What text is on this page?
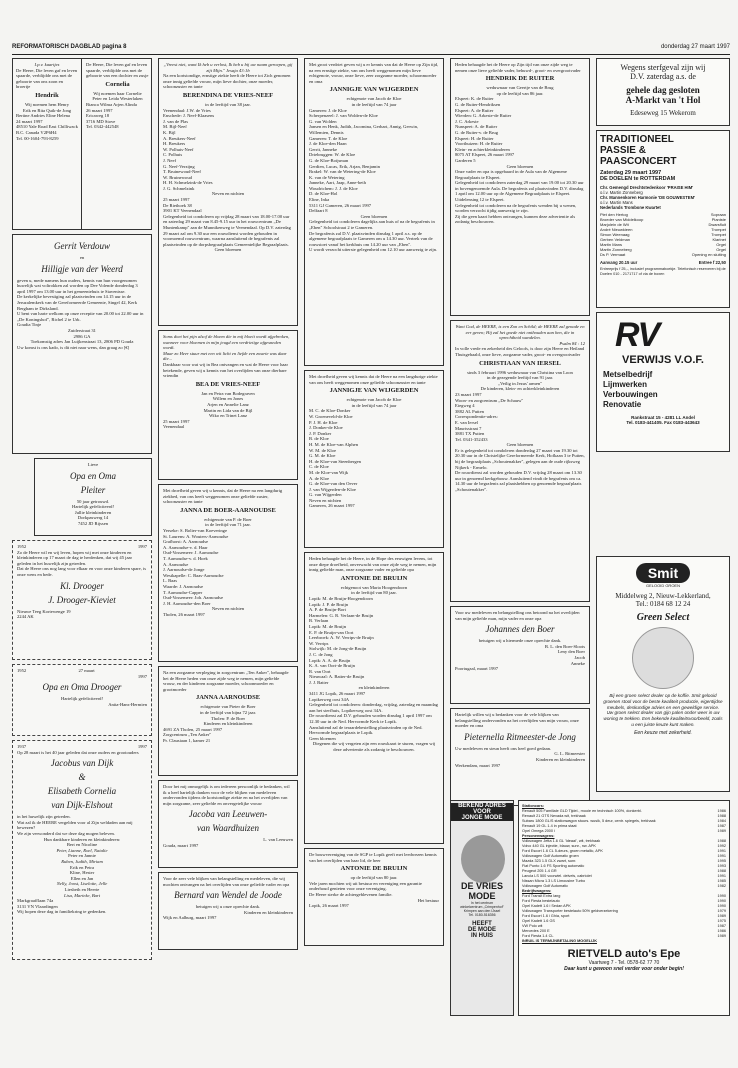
REFORMATORISCH DAGBLAD pagina 8	donderdag 27 maart 1997
I.p.v. kaartjes
De Heere, Die leven gaf en leven spaarde, verblijdde ons met de geboorte van ons zoon en broertje
Hendrik
Wij noemen hem Henry
Erik en Rita Quik-de Jong
Bertine Andries Eline Helena
24 maart 1997
48510 Yale Road East Chilliwack B.C. Canada V2P6H4
Tel. 00-1604-793-8259
De Heere, Die leven gaf en leven spaarde, verblijdde ons met de geboorte van een dochter en zusje
Cornelia
Wij noemen haar Cornelie
Peter en Leida Westerlaken
Bianca Wilma Arjen Alinda
26 maart 1997
Ericaweg 18
3716 MD Stove
Tel. 0342-442548
Gerrit Verdouw
en
Hilligje van der Weerd
geven u, mede namens hun ouders, kennis van hun voorgenomen huwelijk wat voltrokken zal worden op Dee Volende donderdag 3 april 1997 om 13.00 uur in het gemeentehuis te Stavenisse.
De kerkelijke bevestiging zal plaatsvinden om 14.15 uur in de Jeruzalemkerk van de Gereformeerde Gemeente, Singel 42, Kerk Bergham te Dirksland.
U bent van harte welkom op onze receptie van 20.00 tot 22.00 uur in „De Koningshof", Richel 2 te Urk.
Goudia Tinje
Zuiderstraat 31
2986 GA
Toekomstig adres Jan Luijkenstraat 13, 2806 PD Gouda
Uw komst is ons kado, is dit niet naar wens, dan graag zo [€]
Lieve
Opa en Oma
Pleiter
50 jaar getrouwd.
Hartelijk gefeliciteerd!
Jullie kleinkinderen
Dorkpaswerg 14
7452 JD Rijssen
1952	1997
Zo de Heere wil en wij leven, hopen wij met onze kinderen en kleinkinderen op 17 maart de dag te herdenken, dat wij 45 jaar geleden in het huwelijk zijn getreden.
Dat de Heere ons nog lang voor elkaar en voor onze kinderen spare, is onze wens en bede.
Kl. Drooger
J. Drooger-Kieviet
Nieuwe Teeg Kortewenge 19
2244 AK
1952	27 maart
1997
Opa en Oma Drooger
Hartelijk gefeliciteerd!
Anita-Hans-Hermien
1937	1997
Op 28 maart is het 40 jaar geleden dat onze ouders en grootouders
Jacobus van Dijk
&
Elisabeth Cornelia
van Dijk-Elshout
in het huwelijk zijn getreden.
Wat zal ik de HEERE vergelden voor al Zijn weldaden aan mij bewezen?
We zijn verwonderd dat we deze dag mogen beleven.
Hun dankbare kinderen en kleinkinderen:
Bert en Nicoline
Peter, Lianne, Roel, Natalie
Peter en Jannie
Ruben, Judith, Miriam
Erik en Petra
Kline, Hester
Ellen en Jan
Nelly, Joost, Liselotte, Jelle
Liesbeth en Heerte
Lisa, Marieke, Bart
Markgraafflaan 74a
3131 VN Vlaardingen
Wij hopen deze dag in familiekring te gedenken.
„Vreest niet, want Ik heb u verlost, Ik heb u bij uw naam geroepen, gij zijt Mijn." Jesaja 43:1b
Na een kortstondige, ernstige ziekte heeft de Heere tot Zich genomen onze innig geliefde vrouw, mijn lieve dochter, onze moeder, schoonzuster en tante
BERENDINA DE VRIES-NEEF
in de leeftijd van 38 jaar.
Veenendaal: J.W. de Vries
Enschede: J. Neef-Klaasens
J. van de Plas
M. Bijl-Neef
K. Bijl
A. Breukers-Neef
H. Breukers
W. Polhuis-Neef
C. Polhuis
J. Neef
G. Neef-Verzijng
T. Bruinewoud-Neef
W. Bruinewoud
H. H. Schmelzink-de Vries
J. G. Schmelzink
Neven en nichten
25 maart 1997
De Riethoek 38
3901 KT Veenendaal
Gelegenheid tot condoleren op vrijdag 28 maart van 18.00-17.00 uur en zaterdag 29 maart van 8.45-9.15 uur in het rouwcentrum „De Muntenkamp" aan de Munnikenweg te Veenendaal. Op D.V. zaterdag 29 maart zal om 9.30 uur een rouwdienst worden gehouden in voornoemd rouwcentrum, waarna aansluitend de begrafenis zal plaatsvinden op de dorpsbegraafplaats Gemeentelijke Begraafplaats.
Geen bloemen
Soms doet het pijn alsof de bloem die in mij bloeit wordt afgebroken, wanneer voor bloemen in mijn jeugd een verdrietige afgesneden wordt.
Maar zo Heer stuur met een wit licht en liefde een zwarte was daar die...
Dankbaar voor wat wij in Bea ontvangen en wat de Heere voor haar betekende, geven wij u kennis van het overlijden van onze dierbare vriendin
BEA DE VRIES-NEEF
Jan en Petra van Bodegraven
Willem en Jones
Arjen en Annelie Lanz
Martin en Lida van de Bijl
Wiko en Trinet Lanz
25 maart 1997
Veenendaal
Met droefheid geven wij u kennis, dat de Heere na een langdurig ziekbed, van ons heeft weggenomen onze geliefde zuster, schoonzuster en tante
JANNA DE BOER-AARNOUDSE
echtgenote van P. de Boer
in de leeftijd van 71 jaar.
Yerseke: S. Bolier-van Koeveringe
St. Laurens: A. Wouters-Aarnoudse
Grafhorst: A. Aarnoudse
A. Aarnoudse-v. d. Haar
Oud-Vossemeer: J. Aarnoudse
T. Aarnoudse-v. d. Hoek
A. Aarnoudse
J. Aarnoudse-de Jonge
Westkapelle: C. Baas-Aarnoudse
L. Baas
Waarde: J. Aarnoudse
T. Aarnoudse-Capper
Oud-Vossemeer: Joh. Aarnoudse
J. H. Aarnoudse-den Boer
Neven en nichten
Tholen, 26 maart 1997
Na een zorgzame verpleging in zorgcentrum „Ten Anker", behaagde het de Heere heden van onze zijde weg te nemen, mijn geliefde vrouw, en der kinderen zorgzame moeder, schoonmoeder en grootmoeder
JANNA AARNOUDSE
echtgenote van Pieter de Boer
in de leeftijd van bijna 72 jaar.
Tholen: P. de Boer
Kinderen en kleinkinderen
4691 ZA Tholen, 25 maart 1997
Zorgcentrum „Ten Anker"
Pr. Clausiaan 1, kamer 21
Door het mij onmogelijk is om iedereen persoonlijk te bedanken, wil ik u heel hartelijk danken voor de vele blijken van medeleven ondervonden tijdens de kortstondige ziekte en na het overlijden van mijn zorgzame, zeer geliefde en onvergetelijke vrouw
Jacoba van Leeuwen-
van Waardhuizen
L. van Leeuwen
Gouda, maart 1997
Voor de zeer vele blijken van belangstelling en medeleven, die wij mochten ontvangen na het overlijden van onze geliefde vader en opa
Bernard van Wendel de Joode
betuigen wij u onze oprechte dank.
Kinderen en kleinkinderen
Wijk en Aalburg, maart 1997
Met groot verdriet geven wij u er kennis van dat de Heere op Zijn tijd, na een ernstige ziekte, van ons heeft weggenomen mijn lieve echtgenote, vrouw, onze lieve, zeer zorgzame moeder, schoonmoeder en oma
JANNIGJE VAN WIJGERDEN
echtgenote van Jacob de Kloe
in de leeftijd van 74 jaar
Gameren: J. de Kloe
Scherpenzeel: J. van Wolden-de Kloe
G. van Wolden
Jansen en Henk, Judith, Jacomina, Gerhart, Annig, Gerwin, Willemien, Dennis
Gameren: T. de Kloe
J. de Kloe-den Haan
Gerrit, Janneke
Driebruggen: W. de Kloe
G. de Kloe-Boijsman
Gerdien, Lucas, Erik, Arjan, Benjamin
Brakel: W. van de Wetering-de Kloe
K. van de Wetering
Janneke, Aart, Jaap, Anne-beth
Woudrichem: J. J. de Kloe
D. de Kloe-Hol
Eline, Inka
5311 GJ Gameren, 26 maart 1997
Delfaart 8
Geen bloemen
Gelegenheid tot condoleren dagelijks aan huis of na de begrafenis in „Eben" Schoolstraat 2 te Gameren.
De begrafenis zal D.V. plaatsvinden dinsdag 1 april a.s. op de algemene begraafplaats te Gameren om u 14.30 uur. Vertrek van de rouwstoet vanaf het kerkhuis om 14.20 uur van „Eben".
U wordt verzocht uiterste gelegenheid om 12.10 uur aanwezig te zijn.
Met droefheid geven wij kennis dat de Heere na een langdurige ziekte van ons heeft weggenomen onze geliefde schoonzuster en tante
JANNIGJE VAN WIJGERDEN
echtgenote van Jacob de Kloe
in de leeftijd van 74 jaar
M. C. de Kloe-Donker
W. Groeneveld-de Kloe
P. J. H. de Kloe
J. Donker-de Kloe
J. P. Donker
B. de Kloe
H. M. de Kloe-van Alphen
W. M. de Kloe
G. M. de Kloe
H. de Kloe-van Steenbergen
C. de Kloe
M. de Kloe-van Wijk
A. de Kloe
G. de Kloe-van den Oever
J. van Wijgerden-de Kloe
G. van Wijgerden
Neven en nichten
Gameren, 26 maart 1997
Heden behaagde het de Heere, in de Hope des eeuwigen levens, tot onze diepe droefheid, onverwacht van onze zijde weg te nemen, mijn innig geliefde man, onze zorgzame vader en geliefde opa
ANTONIE DE BRUIJN
echtgenoot van Maria Hoogendoorn
in de leeftijd van 80 jaar.
Lopik: M. de Bruijn-Hoogendoorn
Lopik: J. P. de Bruijn
A. P. de Bruijn-Bort
Harmelen: G. R. Verlaan-de Bruijn
B. Verlaan
Lopik: M. de Bruijn
E. P. de Bruijn-van Oort
Leerbroek: A. W. Verrips-de Bruijn
W. Verrips
Stolwijk: M. de Jong-de Bruijn
J. C. de Jong
Lopik: A. A. de Bruijn
K. A. van Oort-de Bruijn
R. van Oort
Nieuwaal: A. Batter-de Bruijn
J. J. Batter
en kleinkinderen
3411 JG Lopik, 26 maart 1997
Lopikerweg oost 34A
Gelegenheid tot condoleren: donderdag, vrijdag, zaterdag en maandag aan het sterfhuis, Lopikerweg oost 34A.
De rouwdienst zal D.V. gehouden worden dinsdag 1 april 1997 om 12.30 uur in de Ned. Hervormde Kerk te Lopik.
Aansluitend zal de teraardebestelling plaatsvinden op de Ned. Hervormde begraafplaats te Lopik.
Geen bloemen
Diegenen die wij vergeten zijn een rouwkaart te sturen, vragen wij deze advertentie als zodanig te beschouwen.
De bouwvereniging van de SGP te Lopik geeft met leedwezen kennis van het overlijden van haar lid, de heer
ANTONIE DE BRUIJN
op de leeftijd van 80 jaar.
Vele jaren mochten wij uit bestuur en vereniging een garantie onderhoud genieten voor onze vereniging.
De Heere sterke de achtergeblevenen familie.
Het bestuur
Lopik, 26 maart 1997
Heden behaagde het de Heere op Zijn tijd van onze zijde weg te nemen onze lieve geliefde vader, behuwd-, groot- en overgrootvader
HENDRIK DE RUITER
weduwnaar van Geertje van de Brug
op de leeftijd van 86 jaar.
Elspeet: K. de Ruiter
G. de Ruiter-Hendriksen
Elspeet: A. de Ruiter
Wierden: G. Arkeste-de Ruiter
J. C. Arkeste
Nunspeet: A. de Ruiter
G. de Ruiter-v. de Brug
Elspeet: H. de Ruiter
Voorthuizen: H. de Ruiter
Klein- en achterkleinkinderen
8075 AT Elspeet, 26 maart 1997
Garderen 5
Geen bloemen
Onze vader en opa is opgebaard in de Aula van de Algemene Begraafplaats te Elspeet.
Gelegenheid tot condoleren zaterdag 29 maart van 19.00 tot 20.30 uur in bovengenoemde Aula. De begrafenis zal plaatsvinden D.V. dinsdag 1 april om 12.00 uur op de Algemene Begraafplaats te Elspeet. Uitdelensing 12 te Elspeet.
Gelegenheid tot condoleren na de begrafenis wenden bij u wenen, worden verzocht tijdig aanwezig te zijn.
Zij die geen kaart hebben ontvangen, kunnen deze advertentie als zodanig beschouwen.
Want God, de HEERE, is een Zon en Schild; de HEERE zal genade en eer geven; Hij zal het goede niet onthouden aan hen, die in oprechtheid wandelen.
Psalm 84 : 12
In volle vrede en zekerheid des Geloofs, is door zijn Heere en Heiland Thuisgehaald, onze lieve, zorgzame vader, groot- en overgrootvader
CHRISTIAAN VAN IERSEL
sinds 3 februari 1996 weduwnaar van Christina van Loon
in de gezegende leeftijd van 91 jaar.
„Veilig in Jezus' armen"
De kinderen, klein- en achterkleinkinderen
23 maart 1997
Woon- en zorgcentrum „De Schauw"
Eiegweg 4
3882 AL Putten
Correspondentie-adres:
E. van Iersel
Maurtsstraat 7
3881 TX Putten
Tel. 0341-352433
Geen bloemen
Er is gelegenheid tot condoleren donderdag 27 maart van 19.30 tot 20.30 uur in de Christelijke Gereformeerde Kerk, Hofkaan 3 te Putten, bij de begraafplaats „Schoutenakker", gelegen aan de oude rijksweg Nijkerk - Ermelo.
De rouwdienst zal worden gehouden D.V. vrijdag 28 maart om 13.30 uur in genoemd kerkgebouw. Aansluitend vindt de begrafenis om ca. 14.30 uur de begrafenis zal plaatshebben op genoemde begraafplaats „Schoutenakker".
Voor uw medeleven en belangstelling ons betoond na het overlijden van mijn geliefde man, mijn vader en onze opa
Johannes den Boer
betuigen wij u hiermede onze oprechte dank.
B. L. den Boer-Sloots
Leny den Boer
Jacob
Anneke
Poortugaal, maart 1997
Hartelijk willen wij u bedanken voor de vele blijken van belangstelling ondervonden na het overlijden van mijn vrouw, onze moeder en oma
Pieternella Ritmeester-de Jong
Uw medeleven en steun heeft ons heel goed gedaan.
G. L. Ritmeester
Kinderen en kleinkinderen
Werkendam, maart 1997
Wegens sterfgeval zijn wij
D.V. zaterdag a.s. de
gehele dag gesloten
A-Markt van 't Hol
Edeseweg 15 Wekerom
TRADITIONEEL
PASSIE &
PAASCONCERT
Zaterdag 29 maart 1997
DE DOELEN te ROTTERDAM
Chr. Gemengd Drechtstedenkoor 'PRAISE HIM'
o.l.v. Martin Zonneberg
Chr. Mannenkoren Harmonie 'DE GOUWESTEM'
o.l.v. Martin Mans
Nederlands Trombone Kwartet
Piet den Hertog	Sopraan
Broeder van Middelkoop	Pianiste
Marjolein de Wit	Dwarsfluit
André Nieuwkieen	Trompet
Simon Weenaag	Trompet
Gerben Veldman	Klarinet
Martin Mans	Orgel
Martin Zonneberg	Orgel
Ds P. Vermaat	Opening en sluiting
Aanvang 20.15 uur	Entree f 22,50
Entreeprijs f 25,-, inclusief programmaboekje. Telefonisch reserveren bij de Doelen 010 - 2171717 of via de boxen
RV
VERWIJS V.O.F.
Metselbedrijf
Lijmwerken
Verbouwingen
Renovatie
Rankstraat 15 - 4281 LL Andel
Tel. 0183-441405. Fax 0183-443643
Smit
GELOOID GROEN
Middelweg 2, Nieuw-Lekkerland,
Tel.: 0184 68 12 24
Green Select
Bij een groen select dealer op de koffie. Smit gelooid groenen stool voor de beste kwaliteit productie, eigentijdse meubels, deskundige advies en een geweldige service. Uw groen select dealer van gijn palen onder weer in uw woning te trekken. Een bekende kwaliteitsvoorbeeld, zoals u een juiste keuze kunt maken.
Een keuze met zekerheid.
BEKEND ADRES
VOOR
JONGE MODE
DE VRIES
MODE
In het centrum
winkelcentrum „Crimpenhof"
Krimpen aan den IJssel
Tel. 0180-516356
HEEFT
DE MODE
IN HUIS
Stationcars:
Renault 505 Familiale GLD Tijdel., mooie en technisch 100%, donkerbl.	1986
Renault 21 GTS Nevada wit, trekhaak	1988
Subaru 1800 GL/S stationwagon stuurs. wusik, 5 deur, centr. spiegels, trekhaak	1984
Renault 19 GL 1.4 in prima staat	1987
Opel Omega 2000 i	1989
Personenwagens:
Volkswagen Jetta 1.6 GL 'Ideaal', wit, trekhaak	1988
Volvo 440 GL injectie, blauw, sunr., nw. APK	1992
Ford Escort 1.6 CL 5-deurs, groen metallic, APK	1991
Volkswagen Golf Automatic groen	1991
Mazda 323 1.5 GLX zwart, sunr.	1995
Fiat Punto 1.6 FS Sporting automatic	1993
Peugeot 205 1.4 GR	1988
Lancia LS 500 voorwiel. delvels, cabriolet	1991
Nissan Micra 1.3 LS Limousine Turbo	1985
Volkswagen Golf Automatic	1982
Bedrijfswagens:
Ford Transit Extra lang	1990
Ford Fiesta bestelauto	1990
Opel Kadett 1.6 i Sedan APK	1990
Volkswagen Transporter bestelauto 50% geldverzekering	1979
Ford Escort 1.6 i Ghia, sport	1989
Opel Kadett 1.6 GS	1975
VW Polo wit	1987
Mercedes 200 E	1986
Ford Fiesta 1.4 CL	1989
INRUIL IS TERMIJNBETALING MOGELIJK
RIETVELD auto's Epe
Vaartweg 7 - Tel. 0578-62 77 70
Daar kunt u gewoon snel verder voor onder begin!
